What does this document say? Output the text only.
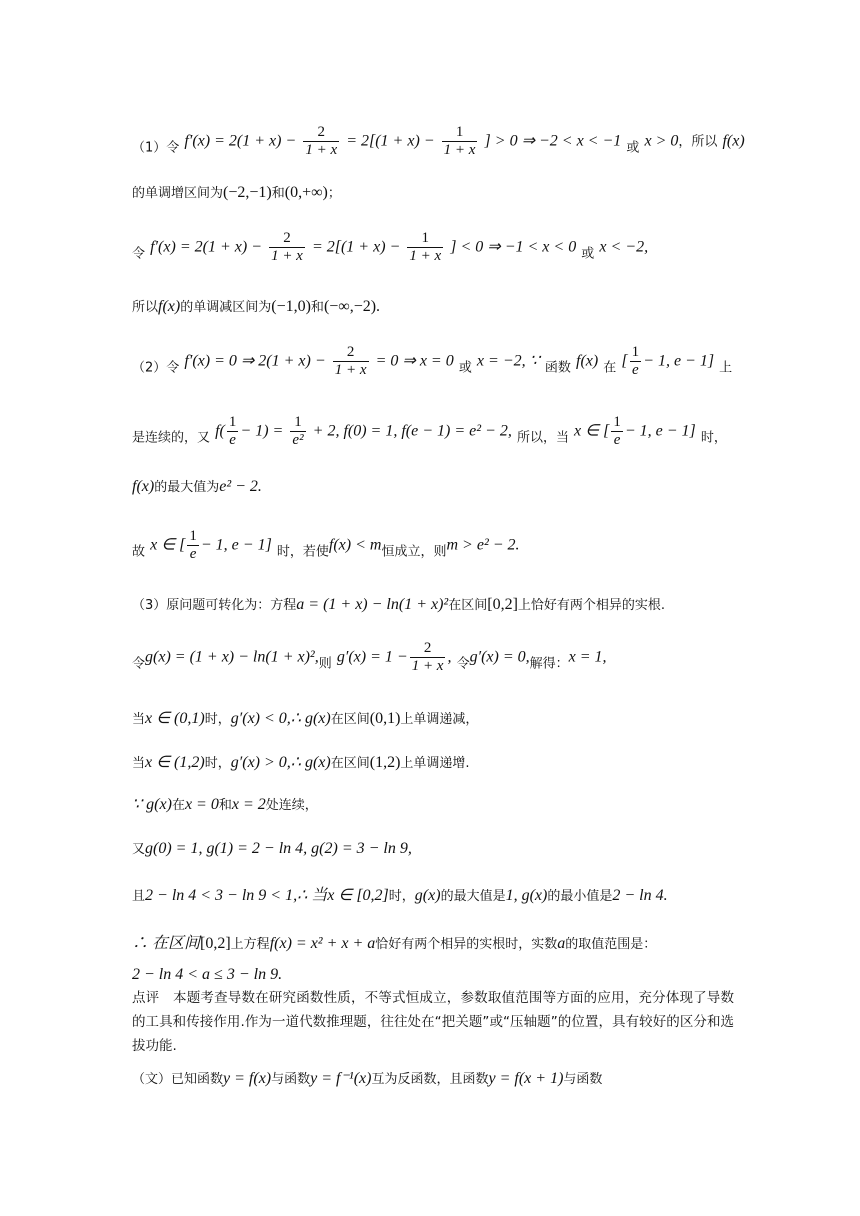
$_{(1)令}$ $f'(x) = 2(1 + x) - \frac{2}{1 + x} = 2[(1 + x) - \frac{1}{1 + x}$ ] > 0 ⇒ −2 < x < −1 $_或$ x > 0，所以 f(x)
的单调增区间为(−2,−1)和(0,+∞)；
$_令$ $f'(x) = 2(1 + x) - \frac{2}{1 + x} = 2[(1 + x) - \frac{1}{1 + x}$ ] < 0 ⇒ −1 < x < 0 $_或$ x < −2,
所以f(x)的单调减区间为(−1,0)和(−∞,−2).
$_{(2)令}$ f′(x) = 0 ⇒ $2(1 + x) - \frac{2}{1 + x} = 0$ ⇒ x = 0 $_或$ x = −2, ∵ $_{函数}$ f(x) $_在$ [ $\frac{1}{e} - 1$, e − 1] $_上$
$_{是连续的,又}$ $f( \frac{1}{e} - 1) = \frac{1}{\text{e²}} + 2$, f(0) = 1, f(e − 1) = e² − 2, $_{所以,当}$ x ∈ [ $\frac{1}{e} - 1$, e − 1] $_{时,}$
f(x)的最大值为e² − 2.
$_故$ x ∈ [ $\frac{1}{e} - 1$, e − 1] $_{时,若使}f(x) < m_{恒成立,则}m > e^2 - 2$.
（3）原问题可转化为：方程a = (1 + x) − ln(1 + x)²在区间[0,2]上恰好有两个相异的实根.
$_令g(x) = (1 + x) - \ln(1 + x)^2,_则$ $g'(x) = 1 - \frac{2}{1 + x}$ , $_令g'(x) = 0,_{解得:}x = 1$,
当x ∈ (0,1)时，g′(x) < 0,∴ g(x)在区间(0,1)上单调递减，
当x ∈ (1,2)时，g′(x) > 0,∴ g(x)在区间(1,2)上单调递增.
∵ g(x)在x = 0和x = 2处连续，
又g(0) = 1, g(1) = 2 − ln 4, g(2) = 3 − ln 9,
且2 − ln 4 < 3 − ln 9 < 1,∴ 当x ∈ [0,2]时，g(x)的最大值是1, g(x)的最小值是2 − ln 4.
∴ 在区间[0,2]上方程f(x) = x² + x + a恰好有两个相异的实根时，实数a的取值范围是：
2 − ln 4 < a ≤ 3 − ln 9.
点评　本题考查导数在研究函数性质，不等式恒成立，参数取值范围等方面的应用，充分体现了导数的工具和传接作用.作为一道代数推理题，往往处在“把关题”或“压轴题”的位置，具有较好的区分和选拔功能.
（文）已知函数y = f(x)与函数y = f⁻¹(x)互为反函数，且函数y = f(x + 1)与函数
